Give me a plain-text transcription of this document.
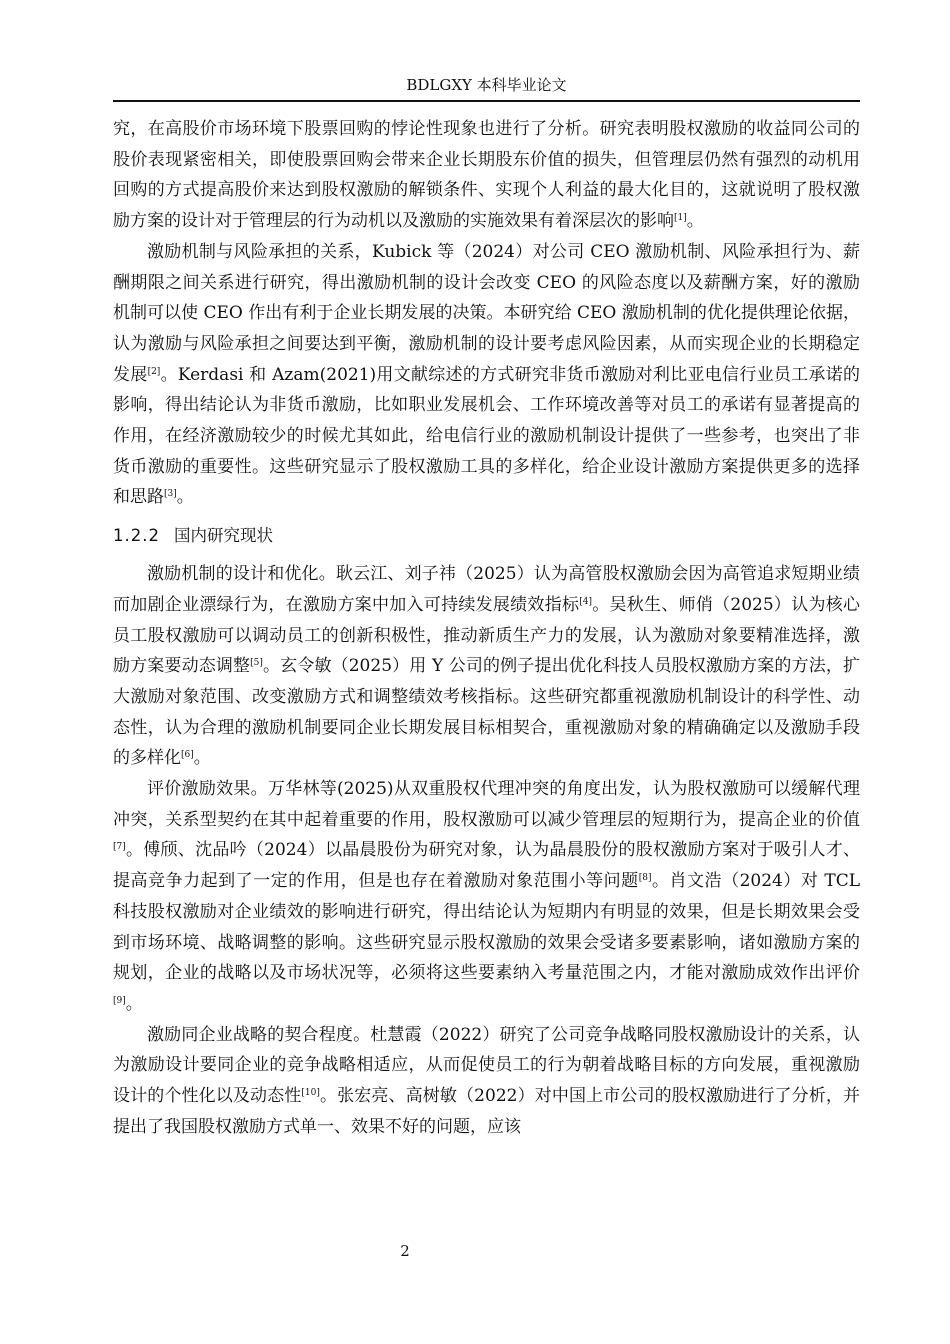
BDLGXY 本科毕业论文

究，在高股价市场环境下股票回购的悖论性现象也进行了分析。研究表明股权激励的收益同公司的股价表现紧密相关，即使股票回购会带来企业长期股东价值的损失，但管理层仍然有强烈的动机用回购的方式提高股价来达到股权激励的解锁条件、实现个人利益的最大化目的，这就说明了股权激励方案的设计对于管理层的行为动机以及激励的实施效果有着深层次的影响[1]。

激励机制与风险承担的关系，Kubick 等（2024）对公司 CEO 激励机制、风险承担行为、薪酬期限之间关系进行研究，得出激励机制的设计会改变 CEO 的风险态度以及薪酬方案，好的激励机制可以使 CEO 作出有利于企业长期发展的决策。本研究给 CEO 激励机制的优化提供理论依据，认为激励与风险承担之间要达到平衡，激励机制的设计要考虑风险因素，从而实现企业的长期稳定发展[2]。Kerdasi 和 Azam(2021)用文献综述的方式研究非货币激励对利比亚电信行业员工承诺的影响，得出结论认为非货币激励，比如职业发展机会、工作环境改善等对员工的承诺有显著提高的作用，在经济激励较少的时候尤其如此，给电信行业的激励机制设计提供了一些参考，也突出了非货币激励的重要性。这些研究显示了股权激励工具的多样化，给企业设计激励方案提供更多的选择和思路[3]。

1.2.2 国内研究现状

激励机制的设计和优化。耿云江、刘子祎（2025）认为高管股权激励会因为高管追求短期业绩而加剧企业漂绿行为，在激励方案中加入可持续发展绩效指标[4]。吴秋生、师俏（2025）认为核心员工股权激励可以调动员工的创新积极性，推动新质生产力的发展，认为激励对象要精准选择，激励方案要动态调整[5]。玄令敏（2025）用 Y 公司的例子提出优化科技人员股权激励方案的方法，扩大激励对象范围、改变激励方式和调整绩效考核指标。这些研究都重视激励机制设计的科学性、动态性，认为合理的激励机制要同企业长期发展目标相契合，重视激励对象的精确确定以及激励手段的多样化[6]。

评价激励效果。万华林等(2025)从双重股权代理冲突的角度出发，认为股权激励可以缓解代理冲突，关系型契约在其中起着重要的作用，股权激励可以减少管理层的短期行为，提高企业的价值[7]。傅颀、沈品吟（2024）以晶晨股份为研究对象，认为晶晨股份的股权激励方案对于吸引人才、提高竞争力起到了一定的作用，但是也存在着激励对象范围小等问题[8]。肖文浩（2024）对 TCL 科技股权激励对企业绩效的影响进行研究，得出结论认为短期内有明显的效果，但是长期效果会受到市场环境、战略调整的影响。这些研究显示股权激励的效果会受诸多要素影响，诸如激励方案的规划，企业的战略以及市场状况等，必须将这些要素纳入考量范围之内，才能对激励成效作出评价[9]。

激励同企业战略的契合程度。杜慧霞（2022）研究了公司竞争战略同股权激励设计的关系，认为激励设计要同企业的竞争战略相适应，从而促使员工的行为朝着战略目标的方向发展，重视激励设计的个性化以及动态性[10]。张宏亮、高树敏（2022）对中国上市公司的股权激励进行了分析，并提出了我国股权激励方式单一、效果不好的问题，应该

2
